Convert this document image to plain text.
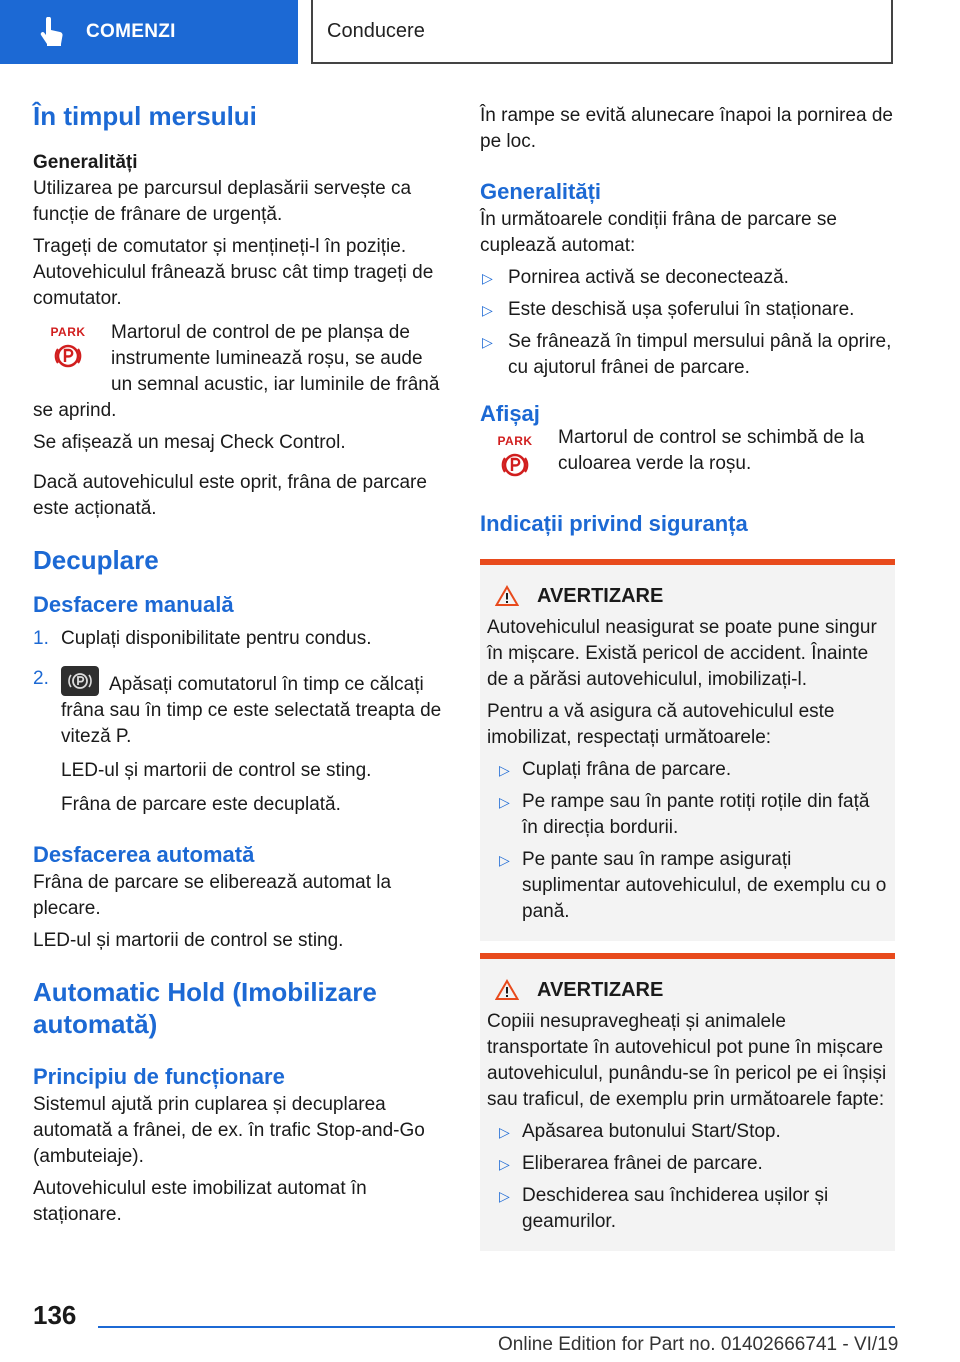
COMENZI	Conducere
În timpul mersului
Generalități

Utilizarea pe parcursul deplasării servește ca funcție de frânare de urgență.

Trageți de comutator și mențineți-l în poziție. Autovehiculul frânează brusc cât timp trageți de comutator.

PARK	Martorul de control de pe planșa de instrumente luminează roșu, se aude un semnal acustic, iar luminile de frână se aprind.

Se afișează un mesaj Check Control.

Dacă autovehiculul este oprit, frâna de parcare este acționată.

Decuplare
Desfacere manuală
1. Cuplați disponibilitate pentru condus.
2.	Apăsați comutatorul în timp ce călcați frâna sau în timp ce este selectată treapta de viteză P.

LED-ul și martorii de control se sting.

Frâna de parcare este decuplată.

Desfacerea automată

Frâna de parcare se eliberează automat la plecare.

LED-ul și martorii de control se sting.

Automatic Hold (Imobilizare automată)
Principiu de funcționare

Sistemul ajută prin cuplarea și decuplarea automată a frânei, de ex. în trafic Stop-and-Go (ambuteiaje).

Autovehiculul este imobilizat automat în staționare.

În rampe se evită alunecare înapoi la pornirea de pe loc.

Generalități

În următoarele condiții frâna de parcare se cuplează automat:

▷ Pornirea activă se deconectează.
▷ Este deschisă ușa șoferului în staționare.
▷ Se frânează în timpul mersului până la oprire, cu ajutorul frânei de parcare.
Afișaj
PARK	Martorul de control se schimbă de la culoarea verde la roșu.

Indicații privind siguranța
AVERTIZARE

Autovehiculul neasigurat se poate pune singur în mișcare. Există pericol de accident. Înainte de a părăsi autovehiculul, imobilizați-l.

Pentru a vă asigura că autovehiculul este imobilizat, respectați următoarele:

▷ Cuplați frâna de parcare.
▷ Pe rampe sau în pante rotiți roțile din față în direcția bordurii.
▷ Pe pante sau în rampe asigurați suplimentar autovehiculul, de exemplu cu o pană.
AVERTIZARE

Copiii nesupravegheați și animalele transportate în autovehicul pot pune în mișcare autovehiculul, punându-se în pericol pe ei înșiși sau traficul, de exemplu prin următoarele fapte:

▷ Apăsarea butonului Start/Stop.
▷ Eliberarea frânei de parcare.
▷ Deschiderea sau închiderea ușilor și geamurilor.
136
Online Edition for Part no. 01402666741 - VI/19
